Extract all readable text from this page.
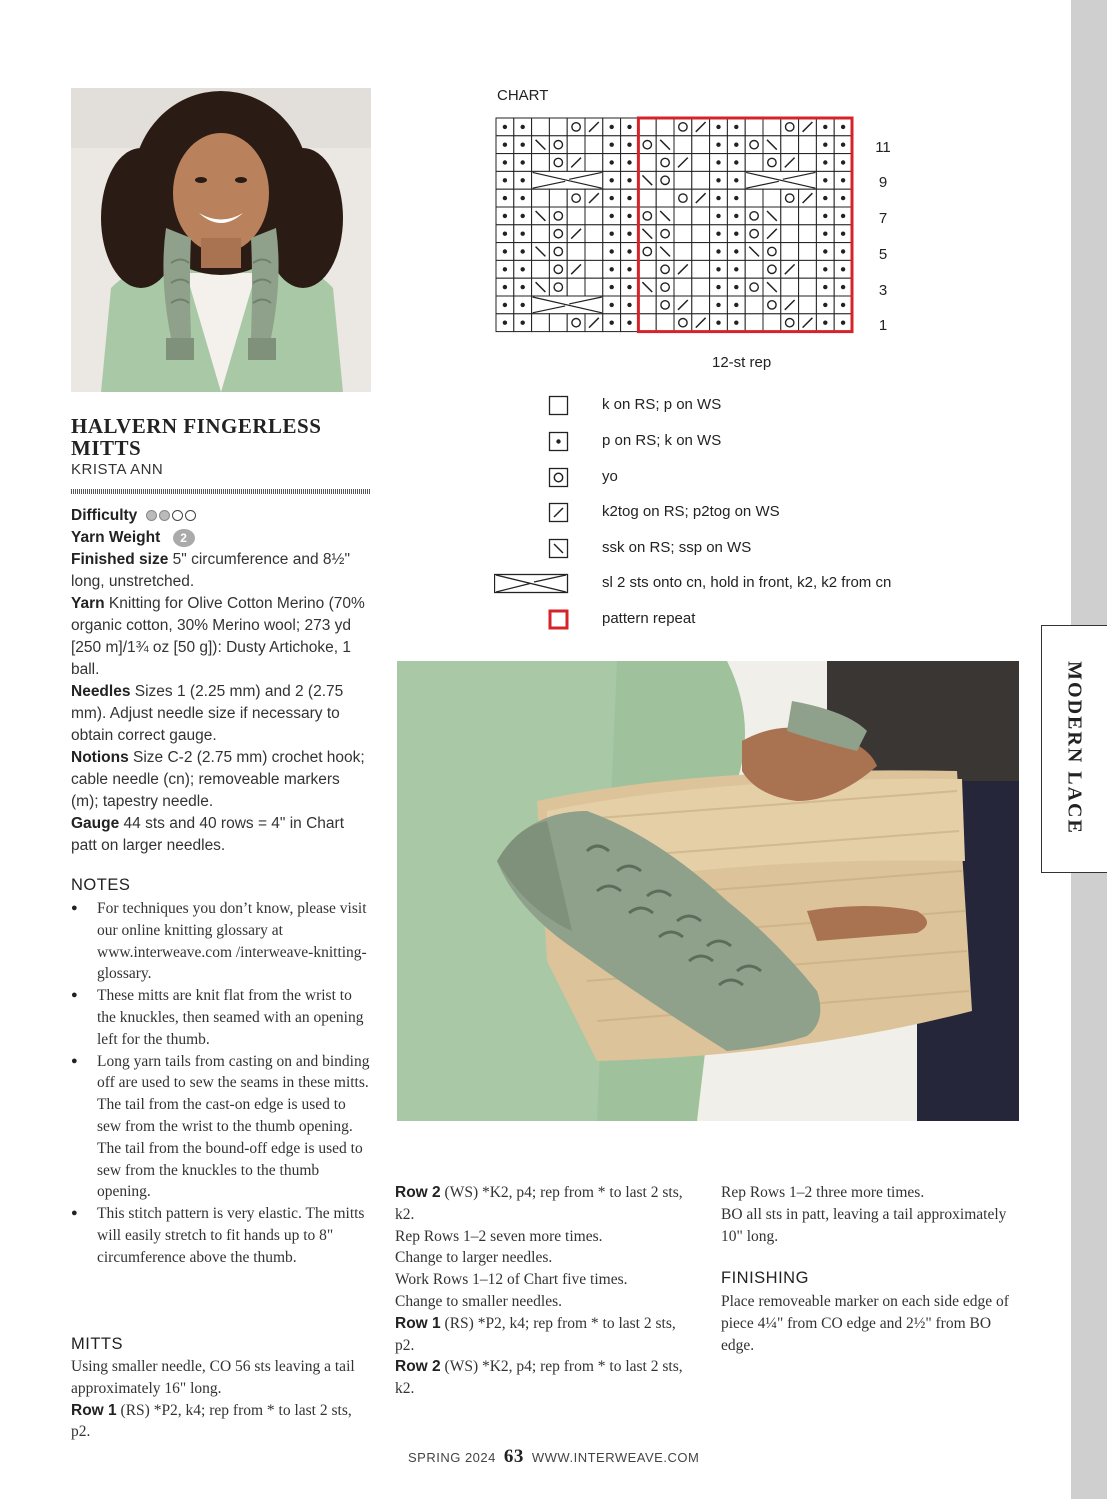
MODERN LACE
HALVERN FINGERLESS MITTS
KRISTA ANN

Difficulty

Yarn Weight 2

Finished size 5" circumference and 8½" long, unstretched.

Yarn Knitting for Olive Cotton Merino (70% organic cotton, 30% Merino wool; 273 yd [250 m]/1¾ oz [50 g]): Dusty Artichoke, 1 ball.

Needles Sizes 1 (2.25 mm) and 2 (2.75 mm). Adjust needle size if necessary to obtain correct gauge.

Notions Size C-2 (2.75 mm) crochet hook; cable needle (cn); removeable markers (m); tapestry needle.

Gauge 44 sts and 40 rows = 4" in Chart patt on larger needles.

NOTES
● For techniques you don’t know, please visit our online knitting glossary at www.interweave.com /interweave-knitting-glossary.
● These mitts are knit flat from the wrist to the knuckles, then seamed with an opening left for the thumb.
● Long yarn tails from casting on and binding off are used to sew the seams in these mitts. The tail from the cast-on edge is used to sew from the wrist to the thumb opening. The tail from the bound-off edge is used to sew from the knuckles to the thumb opening.
● This stitch pattern is very elastic. The mitts will easily stretch to fit hands up to 8" circumference above the thumb.
MITTS

Using smaller needle, CO 56 sts leaving a tail approximately 16" long.

Row 1 (RS) *P2, k4; rep from * to last 2 sts, p2.

Row 2 (WS) *K2, p4; rep from * to last 2 sts, k2.

Rep Rows 1–2 seven more times.

Change to larger needles.

Work Rows 1–12 of Chart five times.

Change to smaller needles.

Row 1 (RS) *P2, k4; rep from * to last 2 sts, p2.

Row 2 (WS) *K2, p4; rep from * to last 2 sts, k2.

Rep Rows 1–2 three more times.

BO all sts in patt, leaving a tail approximately 10" long.

FINISHING

Place removeable marker on each side edge of piece 4¼" from CO edge and 2½" from BO edge.

CHART
11
9
7
5
3
1
12-st rep
k on RS; p on WS
p on RS; k on WS
yo
k2tog on RS; p2tog on WS
ssk on RS; ssp on WS
sl 2 sts onto cn, hold in front, k2, k2 from cn
pattern repeat
SPRING 2024 63 WWW.INTERWEAVE.COM
